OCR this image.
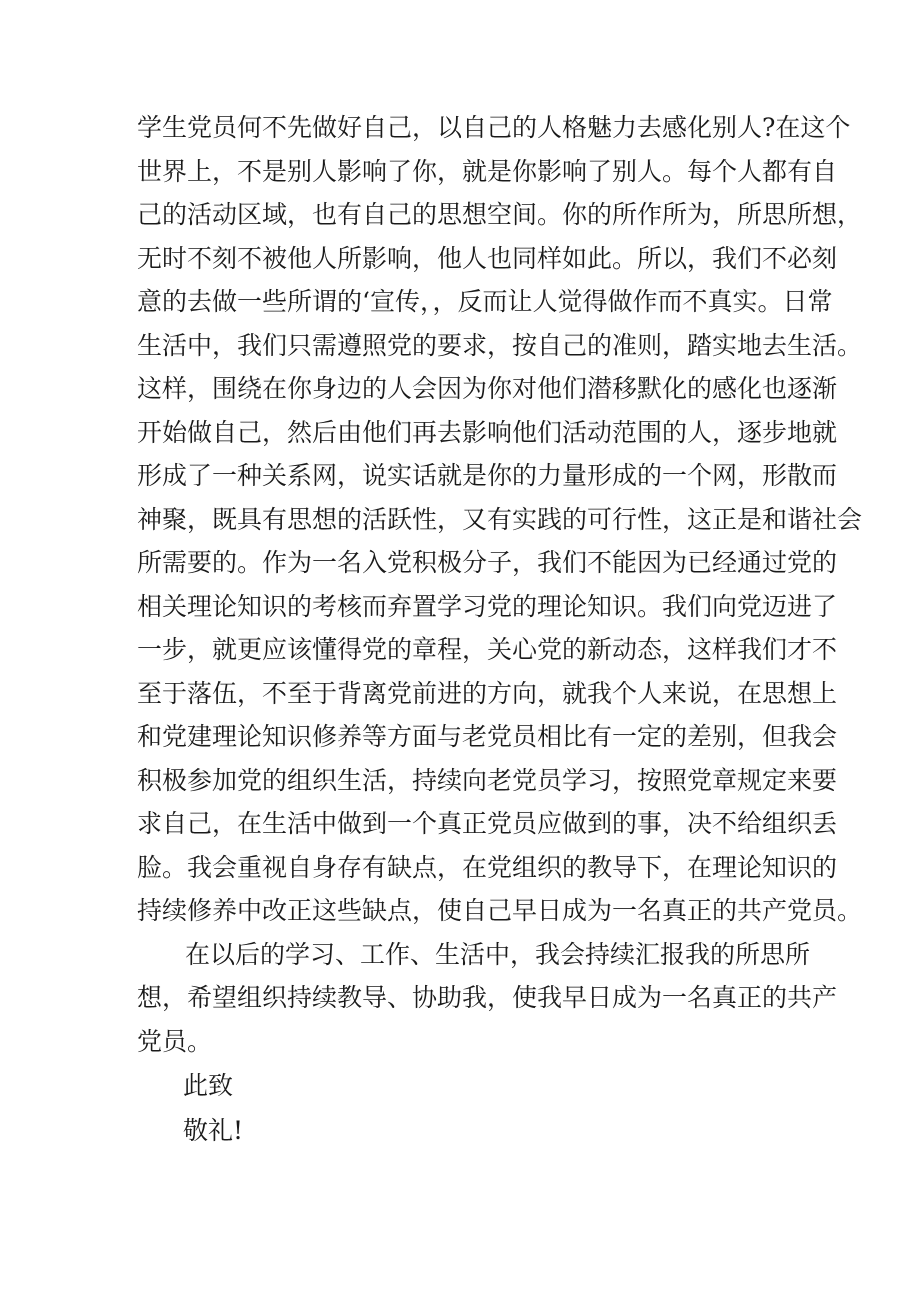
学生党员何不先做好自己，以自己的人格魅力去感化别人?在这个
世界上，不是别人影响了你，就是你影响了别人。每个人都有自
己的活动区域，也有自己的思想空间。你的所作所为，所思所想，
无时不刻不被他人所影响，他人也同样如此。所以，我们不必刻
意的去做一些所谓的‘宣传，，反而让人觉得做作而不真实。日常
生活中，我们只需遵照党的要求，按自己的准则，踏实地去生活。
这样，围绕在你身边的人会因为你对他们潜移默化的感化也逐渐
开始做自己，然后由他们再去影响他们活动范围的人，逐步地就
形成了一种关系网，说实话就是你的力量形成的一个网，形散而
神聚，既具有思想的活跃性，又有实践的可行性，这正是和谐社会
所需要的。作为一名入党积极分子，我们不能因为已经通过党的
相关理论知识的考核而弃置学习党的理论知识。我们向党迈进了
一步，就更应该懂得党的章程，关心党的新动态，这样我们才不
至于落伍，不至于背离党前进的方向，就我个人来说，在思想上
和党建理论知识修养等方面与老党员相比有一定的差别，但我会
积极参加党的组织生活，持续向老党员学习，按照党章规定来要
求自己，在生活中做到一个真正党员应做到的事，决不给组织丢
脸。我会重视自身存有缺点，在党组织的教导下，在理论知识的
持续修养中改正这些缺点，使自己早日成为一名真正的共产党员。
在以后的学习、工作、生活中，我会持续汇报我的所思所
想，希望组织持续教导、协助我，使我早日成为一名真正的共产
党员。
此致
敬礼!
